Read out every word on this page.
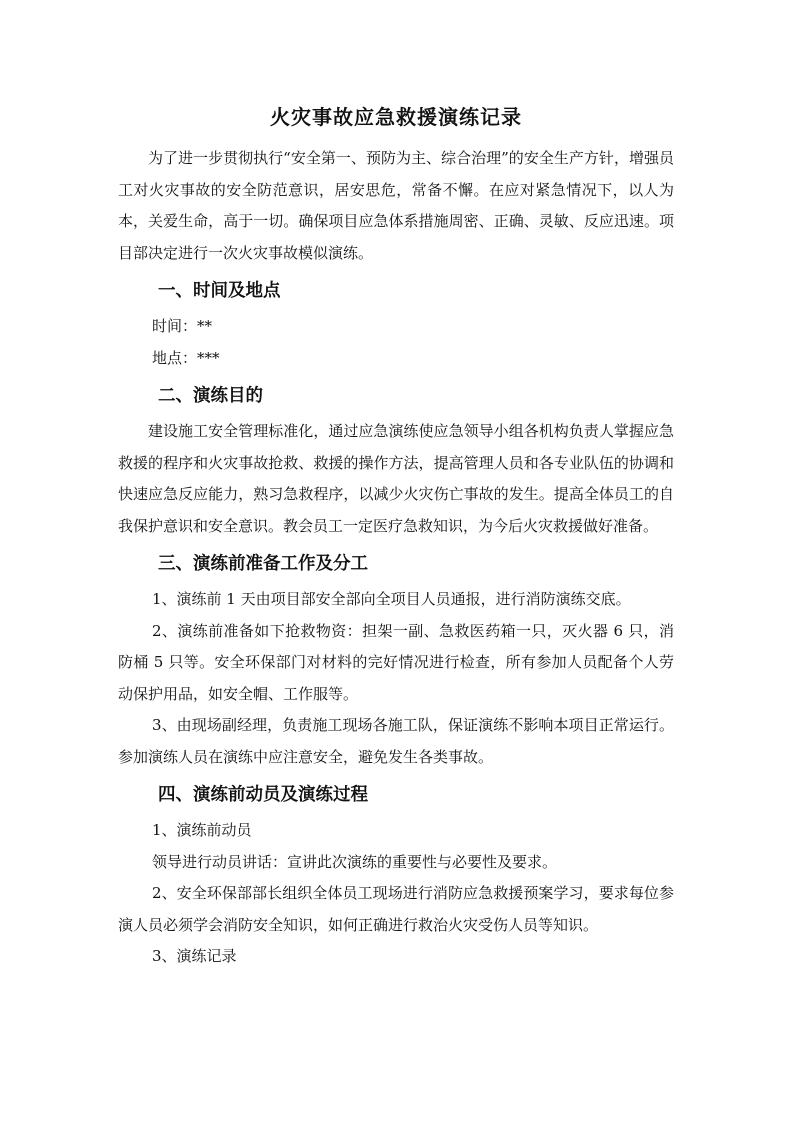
火灾事故应急救援演练记录

为了进一步贯彻执行“安全第一、预防为主、综合治理”的安全生产方针，增强员工对火灾事故的安全防范意识，居安思危，常备不懈。在应对紧急情况下，以人为本，关爱生命，高于一切。确保项目应急体系措施周密、正确、灵敏、反应迅速。项目部决定进行一次火灾事故模似演练。

一、时间及地点

时间：**

地点：***

二、演练目的

建设施工安全管理标准化，通过应急演练使应急领导小组各机构负责人掌握应急救援的程序和火灾事故抢救、救援的操作方法，提高管理人员和各专业队伍的协调和快速应急反应能力，熟习急救程序，以减少火灾伤亡事故的发生。提高全体员工的自我保护意识和安全意识。教会员工一定医疗急救知识，为今后火灾救援做好准备。

三、演练前准备工作及分工
1、演练前 1 天由项目部安全部向全项目人员通报，进行消防演练交底。
2、演练前准备如下抢救物资：担架一副、急救医药箱一只，灭火器 6 只，消防桶 5 只等。安全环保部门对材料的完好情况进行检查，所有参加人员配备个人劳动保护用品，如安全帽、工作服等。
3、由现场副经理，负责施工现场各施工队，保证演练不影响本项目正常运行。参加演练人员在演练中应注意安全，避免发生各类事故。
四、演练前动员及演练过程

1、演练前动员

领导进行动员讲话：宣讲此次演练的重要性与必要性及要求。

2、安全环保部部长组织全体员工现场进行消防应急救援预案学习，要求每位参演人员必须学会消防安全知识，如何正确进行救治火灾受伤人员等知识。

3、演练记录
